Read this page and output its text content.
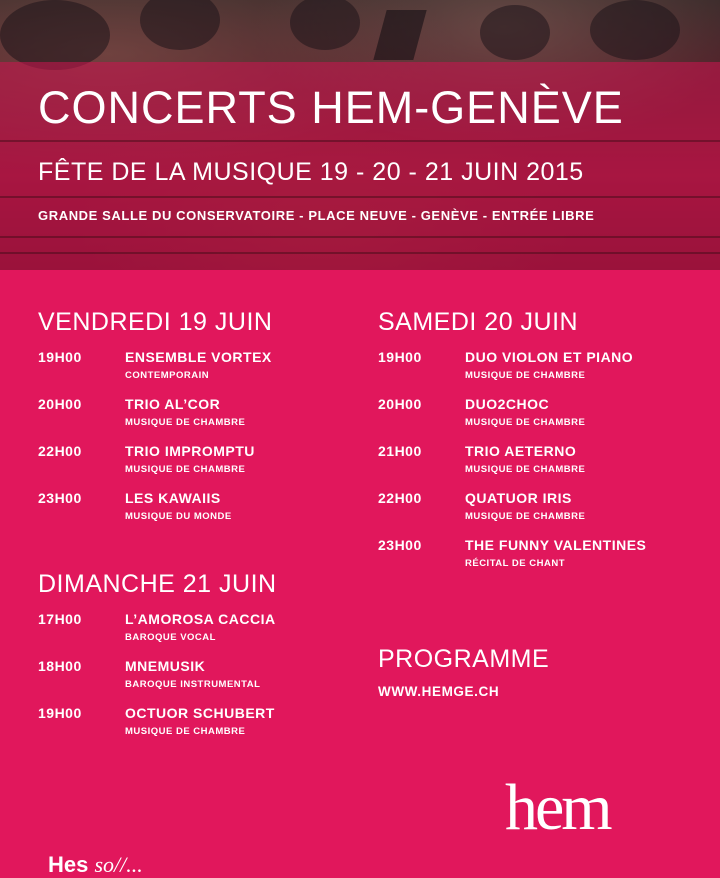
CONCERTS HEM-GENÈVE
FÊTE DE LA MUSIQUE 19 - 20 - 21 JUIN 2015
GRANDE SALLE DU CONSERVATOIRE - PLACE NEUVE - GENÈVE - ENTRÉE LIBRE
VENDREDI 19 JUIN
19H00	ENSEMBLE VORTEX
CONTEMPORAIN
20H00	TRIO AL’COR
MUSIQUE DE CHAMBRE
22H00	TRIO IMPROMPTU
MUSIQUE DE CHAMBRE
23H00	LES KAWAIIS
MUSIQUE DU MONDE
SAMEDI 20 JUIN
19H00	DUO VIOLON ET PIANO
MUSIQUE DE CHAMBRE
20H00	DUO2CHOC
MUSIQUE DE CHAMBRE
21H00	TRIO AETERNO
MUSIQUE DE CHAMBRE
22H00	QUATUOR IRIS
MUSIQUE DE CHAMBRE
23H00	THE FUNNY VALENTINES
RÉCITAL DE CHANT
DIMANCHE 21 JUIN
17H00	L’AMOROSA CACCIA
BAROQUE VOCAL
18H00	MNEMUSIK
BAROQUE INSTRUMENTAL
19H00	OCTUOR SCHUBERT
MUSIQUE DE CHAMBRE
PROGRAMME
WWW.HEMGE.CH
hem
Hes so//...
